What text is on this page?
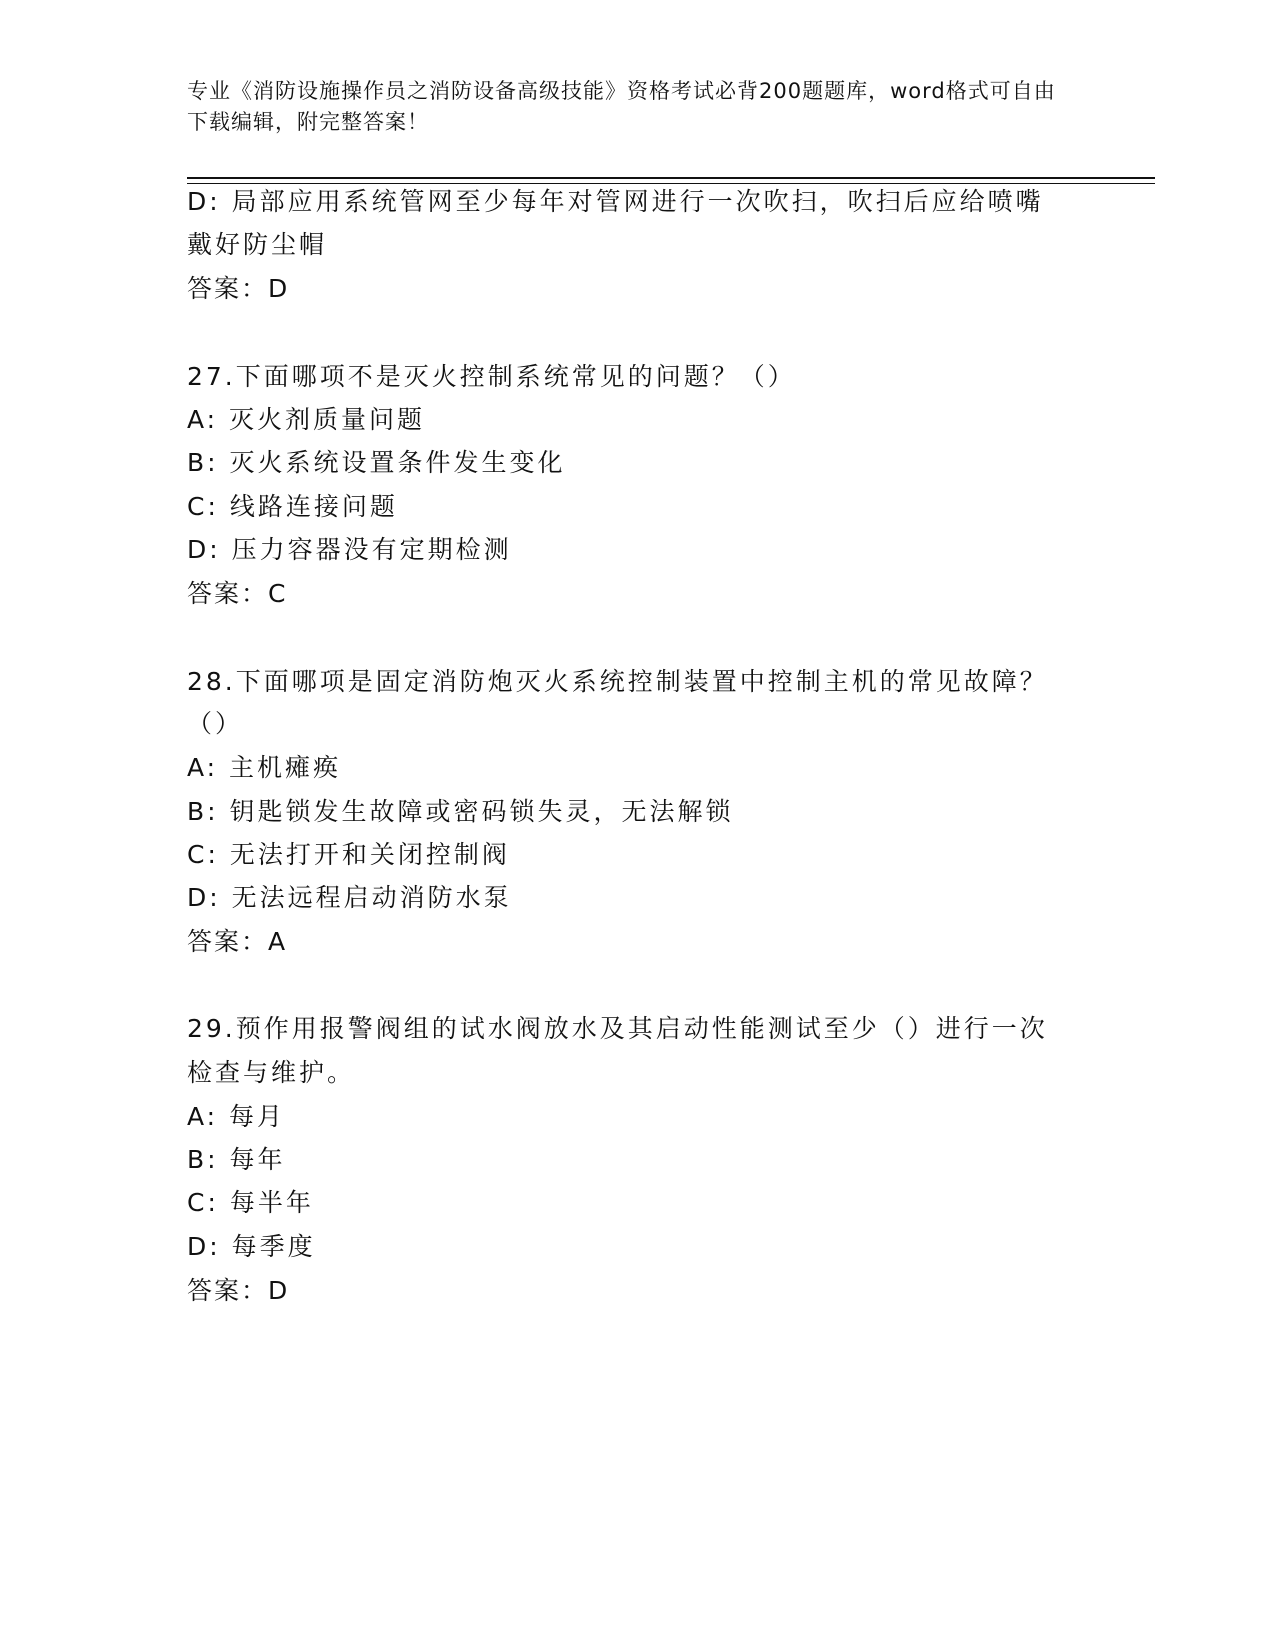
专业《消防设施操作员之消防设备高级技能》资格考试必背200题题库，word格式可自由下载编辑，附完整答案！
D: 局部应用系统管网至少每年对管网进行一次吹扫，吹扫后应给喷嘴
戴好防尘帽
答案：D
27.下面哪项不是灭火控制系统常见的问题？（）
A: 灭火剂质量问题
B: 灭火系统设置条件发生变化
C: 线路连接问题
D: 压力容器没有定期检测
答案：C
28.下面哪项是固定消防炮灭火系统控制装置中控制主机的常见故障？
（）
A: 主机瘫痪
B: 钥匙锁发生故障或密码锁失灵，无法解锁
C: 无法打开和关闭控制阀
D: 无法远程启动消防水泵
答案：A
29.预作用报警阀组的试水阀放水及其启动性能测试至少（）进行一次
检查与维护。
A: 每月
B: 每年
C: 每半年
D: 每季度
答案：D
